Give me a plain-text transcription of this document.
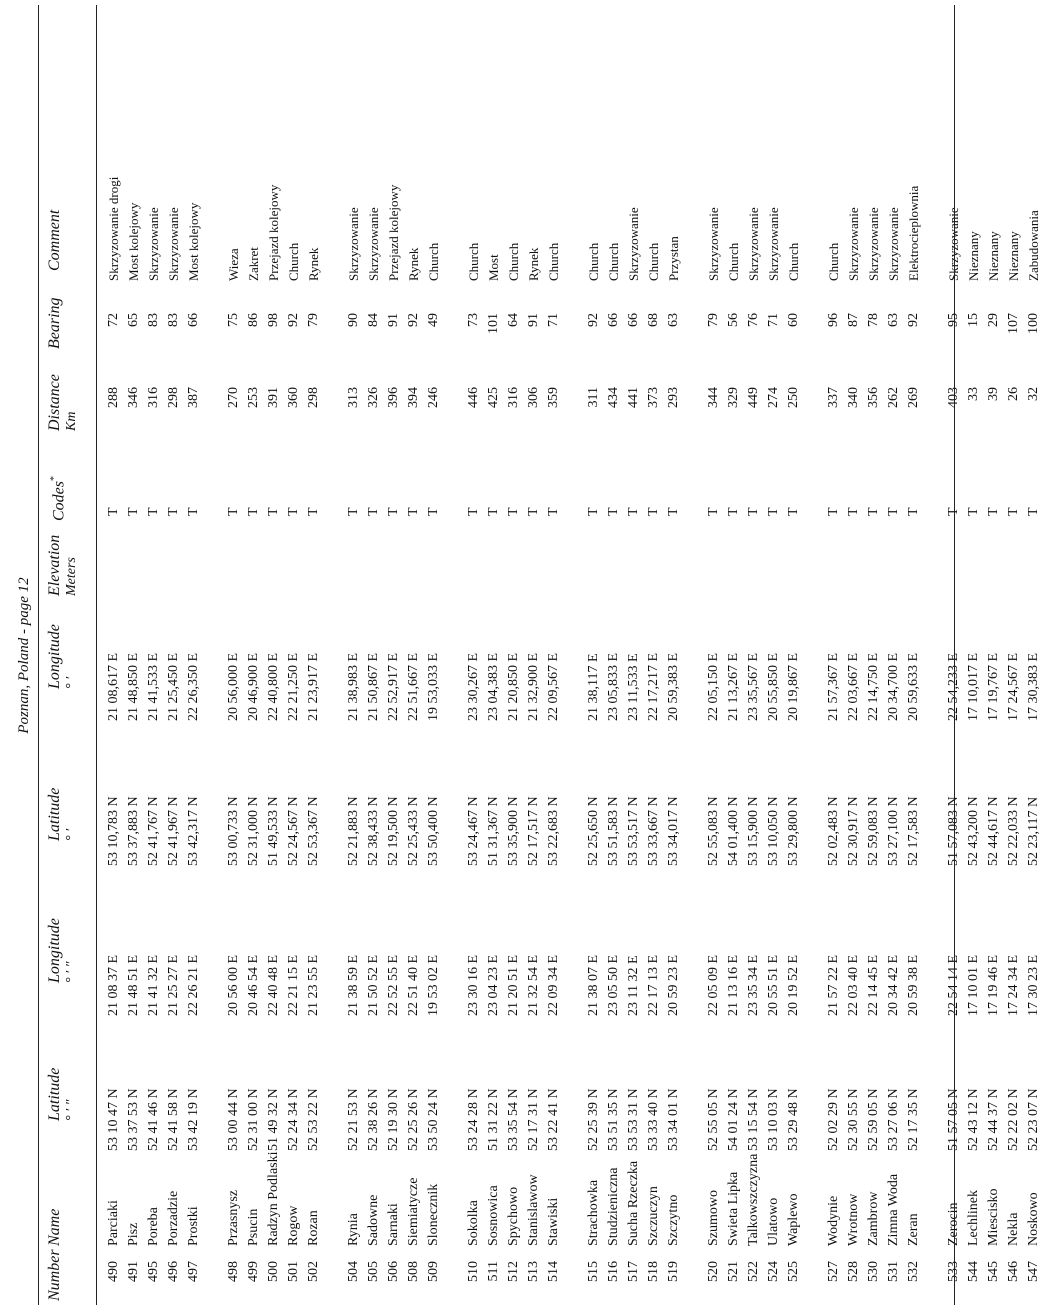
Poznan, Poland - page 12
Number
Name
Latitude ° ′ ″
Longitude ° ′ ″
Latitude ° ′
Longitude ° ′
Elevation Meters
Codes*
Distance Km
Bearing
Comment
490
Parciaki
53 10 47 N
21 08 37 E
53 10,783 N
21 08,617 E
T
288
72
Skrzyzowanie drogi
491
Pisz
53 37 53 N
21 48 51 E
53 37,883 N
21 48,850 E
T
346
65
Most kolejowy
495
Poreba
52 41 46 N
21 41 32 E
52 41,767 N
21 41,533 E
T
316
83
Skrzyzowanie
496
Porzadzie
52 41 58 N
21 25 27 E
52 41,967 N
21 25,450 E
T
298
83
Skrzyzowanie
497
Prostki
53 42 19 N
22 26 21 E
53 42,317 N
22 26,350 E
T
387
66
Most kolejowy
498
Przasnysz
53 00 44 N
20 56 00 E
53 00,733 N
20 56,000 E
T
270
75
Wieza
499
Psucin
52 31 00 N
20 46 54 E
52 31,000 N
20 46,900 E
T
253
86
Zakret
500
Radzyn Podlaski
51 49 32 N
22 40 48 E
51 49,533 N
22 40,800 E
T
391
98
Przejazd kolejowy
501
Rogow
52 24 34 N
22 21 15 E
52 24,567 N
22 21,250 E
T
360
92
Church
502
Rozan
52 53 22 N
21 23 55 E
52 53,367 N
21 23,917 E
T
298
79
Rynek
504
Rynia
52 21 53 N
21 38 59 E
52 21,883 N
21 38,983 E
T
313
90
Skrzyzowanie
505
Sadowne
52 38 26 N
21 50 52 E
52 38,433 N
21 50,867 E
T
326
84
Skrzyzowanie
506
Sarnaki
52 19 30 N
22 52 55 E
52 19,500 N
22 52,917 E
T
396
91
Przejazd kolejowy
508
Siemiatycze
52 25 26 N
22 51 40 E
52 25,433 N
22 51,667 E
T
394
92
Rynek
509
Slonecznik
53 50 24 N
19 53 02 E
53 50,400 N
19 53,033 E
T
246
49
Church
510
Sokolka
53 24 28 N
23 30 16 E
53 24,467 N
23 30,267 E
T
446
73
Church
511
Sosnowica
51 31 22 N
23 04 23 E
51 31,367 N
23 04,383 E
T
425
101
Most
512
Spychowo
53 35 54 N
21 20 51 E
53 35,900 N
21 20,850 E
T
316
64
Church
513
Stanislawow
52 17 31 N
21 32 54 E
52 17,517 N
21 32,900 E
T
306
91
Rynek
514
Stawiski
53 22 41 N
22 09 34 E
53 22,683 N
22 09,567 E
T
359
71
Church
515
Strachowka
52 25 39 N
21 38 07 E
52 25,650 N
21 38,117 E
T
311
92
Church
516
Studzieniczna
53 51 35 N
23 05 50 E
53 51,583 N
23 05,833 E
T
434
66
Church
517
Sucha Rzeczka
53 53 31 N
23 11 32 E
53 53,517 N
23 11,533 E
T
441
66
Skrzyzowanie
518
Szczuczyn
53 33 40 N
22 17 13 E
53 33,667 N
22 17,217 E
T
373
68
Church
519
Szczytno
53 34 01 N
20 59 23 E
53 34,017 N
20 59,383 E
T
293
63
Przystan
520
Szumowo
52 55 05 N
22 05 09 E
52 55,083 N
22 05,150 E
T
344
79
Skrzyzowanie
521
Swieta Lipka
54 01 24 N
21 13 16 E
54 01,400 N
21 13,267 E
T
329
56
Church
522
Talkowszczyzna
53 15 54 N
23 35 34 E
53 15,900 N
23 35,567 E
T
449
76
Skrzyzowanie
524
Ulatowo
53 10 03 N
20 55 51 E
53 10,050 N
20 55,850 E
T
274
71
Skrzyzowanie
525
Waplewo
53 29 48 N
20 19 52 E
53 29,800 N
20 19,867 E
T
250
60
Church
527
Wodynie
52 02 29 N
21 57 22 E
52 02,483 N
21 57,367 E
T
337
96
Church
528
Wrotnow
52 30 55 N
22 03 40 E
52 30,917 N
22 03,667 E
T
340
87
Skrzyzowanie
530
Zambrow
52 59 05 N
22 14 45 E
52 59,083 N
22 14,750 E
T
356
78
Skrzyzowanie
531
Zimna Woda
53 27 06 N
20 34 42 E
53 27,100 N
20 34,700 E
T
262
63
Skrzyzowanie
532
Zeran
52 17 35 N
20 59 38 E
52 17,583 N
20 59,633 E
T
269
92
Elektrocieplownia
533
Zerocin
51 57 05 N
22 54 14 E
51 57,083 N
22 54,233 E
T
403
95
Skrzyzowanie
544
Lechlinek
52 43 12 N
17 10 01 E
52 43,200 N
17 10,017 E
T
33
15
Nieznany
545
Miescisko
52 44 37 N
17 19 46 E
52 44,617 N
17 19,767 E
T
39
29
Nieznany
546
Nekla
52 22 02 N
17 24 34 E
52 22,033 N
17 24,567 E
T
26
107
Nieznany
547
Noskowo
52 23 07 N
17 30 23 E
52 23,117 N
17 30,383 E
T
32
100
Zabudowania
